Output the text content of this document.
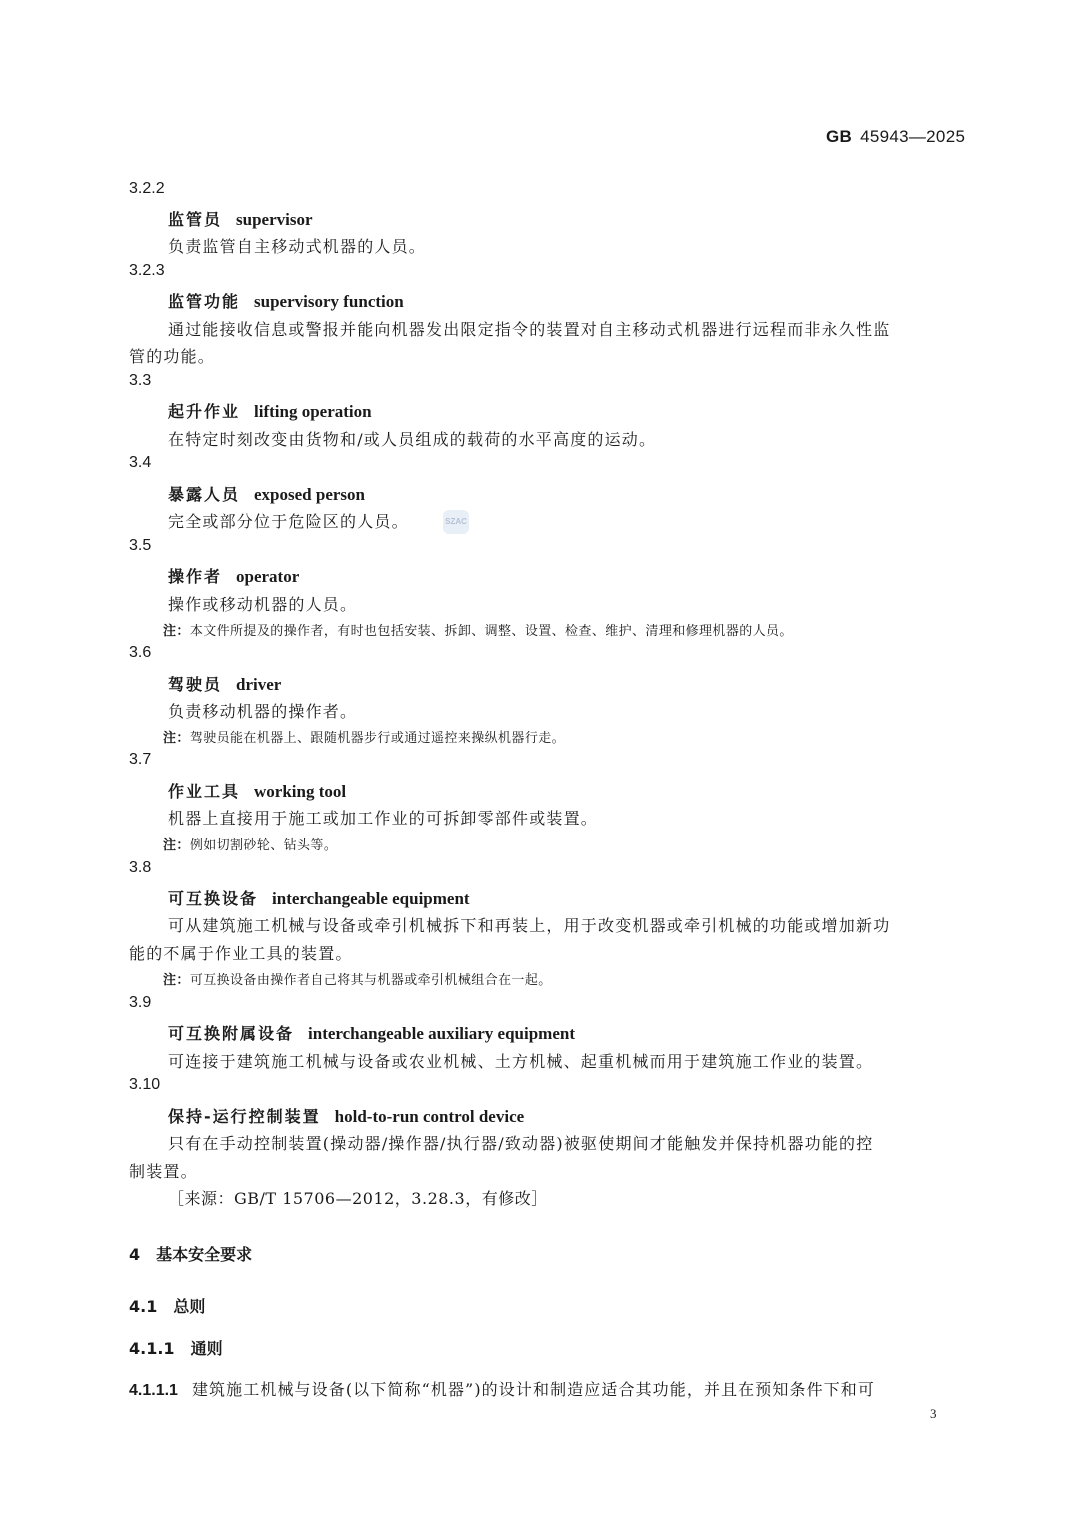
GB 45943—2025
3.2.2
监管员 supervisor
负责监管自主移动式机器的人员。
3.2.3
监管功能 supervisory function
通过能接收信息或警报并能向机器发出限定指令的装置对自主移动式机器进行远程而非永久性监
管的功能。
3.3
起升作业 lifting operation
在特定时刻改变由货物和/或人员组成的载荷的水平高度的运动。
3.4
暴露人员 exposed person
完全或部分位于危险区的人员。	SZAC
3.5
操作者 operator
操作或移动机器的人员。
注：本文件所提及的操作者，有时也包括安装、拆卸、调整、设置、检查、维护、清理和修理机器的人员。
3.6
驾驶员 driver
负责移动机器的操作者。
注：驾驶员能在机器上、跟随机器步行或通过遥控来操纵机器行走。
3.7
作业工具 working tool
机器上直接用于施工或加工作业的可拆卸零部件或装置。
注：例如切割砂轮、钻头等。
3.8
可互换设备 interchangeable equipment
可从建筑施工机械与设备或牵引机械拆下和再装上，用于改变机器或牵引机械的功能或增加新功
能的不属于作业工具的装置。
注：可互换设备由操作者自己将其与机器或牵引机械组合在一起。
3.9
可互换附属设备 interchangeable auxiliary equipment
可连接于建筑施工机械与设备或农业机械、土方机械、起重机械而用于建筑施工作业的装置。
3.10
保持-运行控制装置 hold-to-run control device
只有在手动控制装置(操动器/操作器/执行器/致动器)被驱使期间才能触发并保持机器功能的控
制装置。
［来源：GB/T 15706—2012，3.28.3，有修改］
4 基本安全要求
4.1 总则
4.1.1 通则
4.1.1.1 建筑施工机械与设备(以下简称“机器”)的设计和制造应适合其功能，并且在预知条件下和可
3
